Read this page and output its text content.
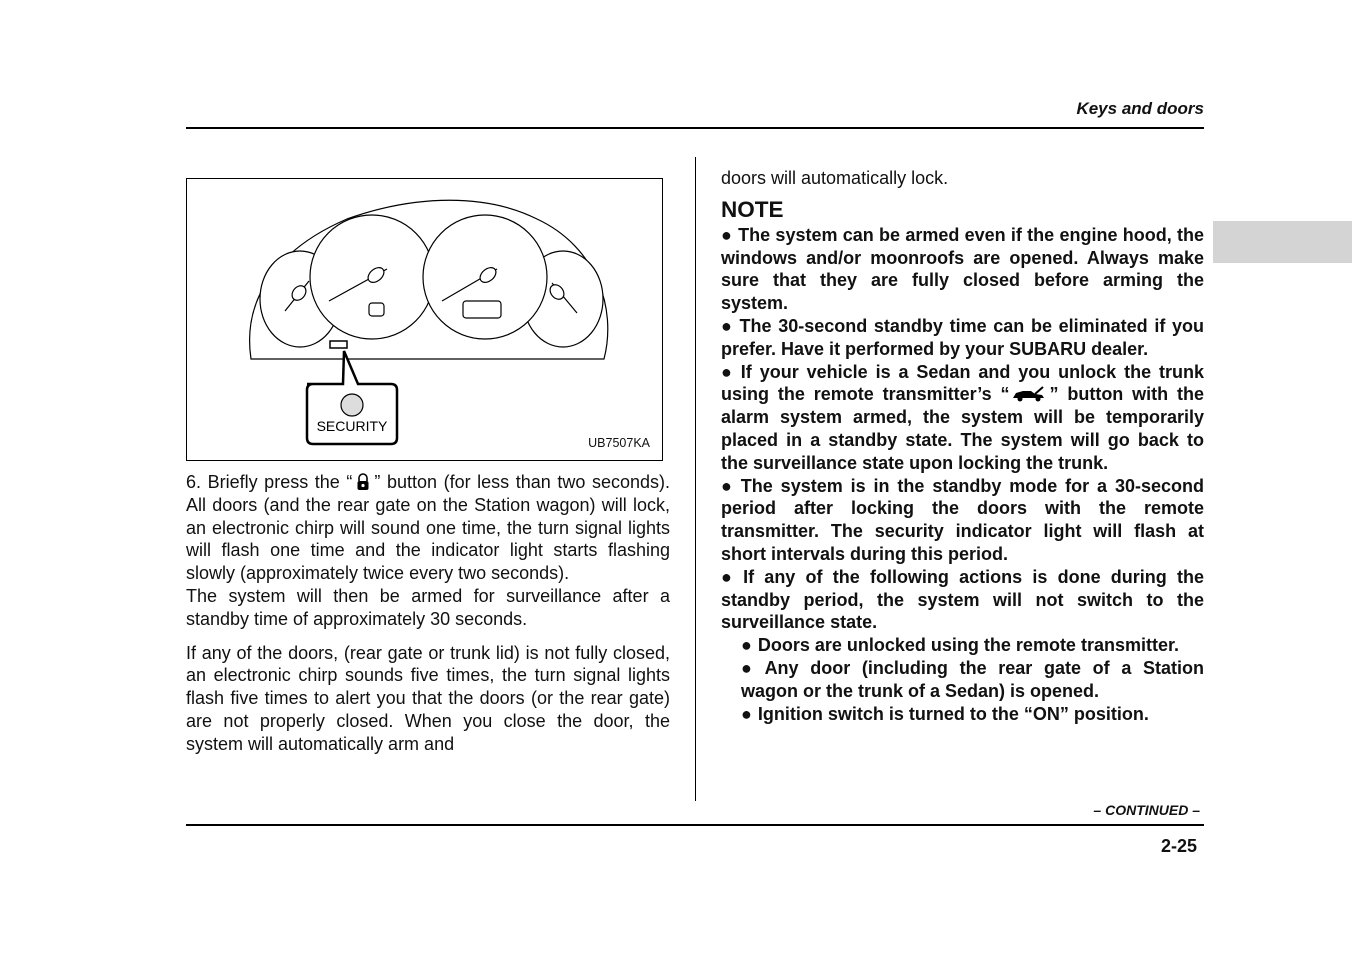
Keys and doors
SECURITY
UB7507KA

6. Briefly press the “ ” button (for less than two seconds). All doors (and the rear gate on the Station wagon) will lock, an electronic chirp will sound one time, the turn signal lights will flash one time and the indicator light starts flashing slowly (approximately twice every two seconds).

The system will then be armed for surveillance after a standby time of approximately 30 seconds.

If any of the doors, (rear gate or trunk lid) is not fully closed, an electronic chirp sounds five times, the turn signal lights flash five times to alert you that the doors (or the rear gate) are not properly closed. When you close the door, the system will automatically arm and

doors will automatically lock.

NOTE

● The system can be armed even if the engine hood, the windows and/or moonroofs are opened. Always make sure that they are fully closed before arming the system.

● The 30-second standby time can be eliminated if you prefer. Have it performed by your SUBARU dealer.

● If your vehicle is a Sedan and you unlock the trunk using the remote transmitter’s “ ” button with the alarm system armed, the system will be temporarily placed in a standby state. The system will go back to the surveillance state upon locking the trunk.

● The system is in the standby mode for a 30-second period after locking the doors with the remote transmitter. The security indicator light will flash at short intervals during this period.

● If any of the following actions is done during the standby period, the system will not switch to the surveillance state.

● Doors are unlocked using the remote transmitter.

● Any door (including the rear gate of a Station wagon or the trunk of a Sedan) is opened.

● Ignition switch is turned to the “ON” position.

– CONTINUED –
2-25
